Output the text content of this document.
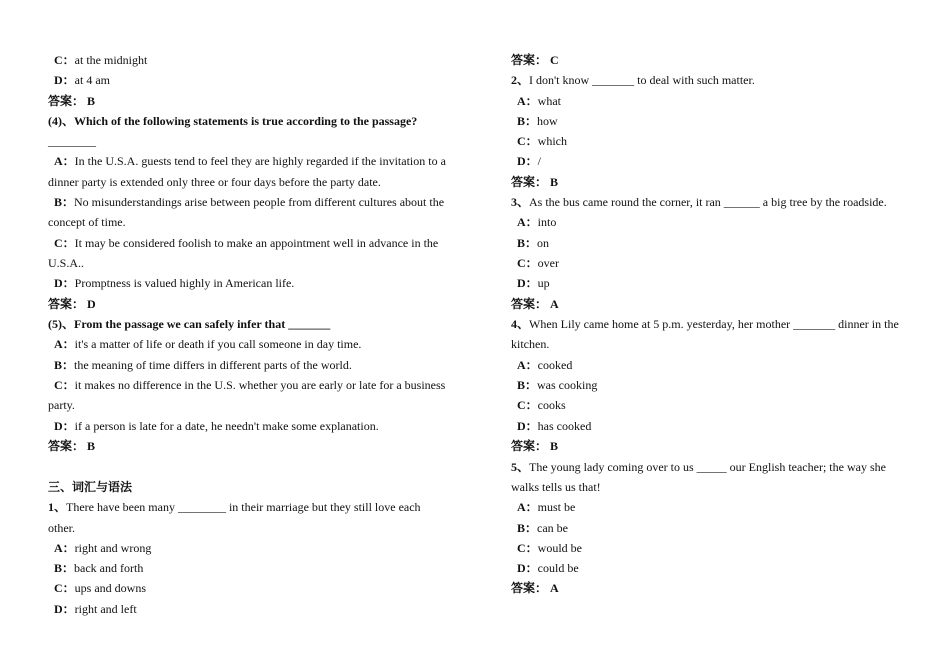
C：at the midnight
D：at 4 am
答案： B
(4)、Which of the following statements is true according to the passage?
________
A：In the U.S.A. guests tend to feel they are highly regarded if the invitation to a
dinner party is extended only three or four days before the party date.
B：No misunderstandings arise between people from different cultures about the
concept of time.
C：It may be considered foolish to make an appointment well in advance in the
U.S.A..
D：Promptness is valued highly in American life.
答案： D
(5)、From the passage we can safely infer that _______
A：it's a matter of life or death if you call someone in day time.
B：the meaning of time differs in different parts of the world.
C：it makes no difference in the U.S. whether you are early or late for a business
party.
D：if a person is late for a date, he needn't make some explanation.
答案： B
三、词汇与语法
1、There have been many ________ in their marriage but they still love each
other.
A：right and wrong
B：back and forth
C：ups and downs
D：right and left
答案： C
2、I don't know _______ to deal with such matter.
A：what
B：how
C：which
D：/
答案： B
3、As the bus came round the corner, it ran ______ a big tree by the roadside.
A：into
B：on
C：over
D：up
答案： A
4、When Lily came home at 5 p.m. yesterday, her mother _______ dinner in the
kitchen.
A：cooked
B：was cooking
C：cooks
D：has cooked
答案： B
5、The young lady coming over to us _____ our English teacher; the way she
walks tells us that!
A：must be
B：can be
C：would be
D：could be
答案： A
